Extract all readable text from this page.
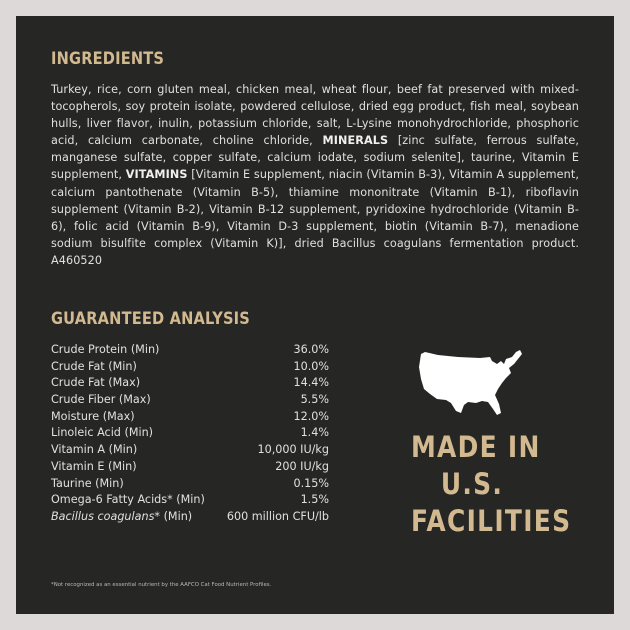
INGREDIENTS
Turkey, rice, corn gluten meal, chicken meal, wheat flour, beef fat preserved with mixed-tocopherols, soy protein isolate, powdered cellulose, dried egg product, fish meal, soybean hulls, liver flavor, inulin, potassium chloride, salt, L-Lysine monohydrochloride, phosphoric acid, calcium carbonate, choline chloride, MINERALS [zinc sulfate, ferrous sulfate, manganese sulfate, copper sulfate, calcium iodate, sodium selenite], taurine, Vitamin E supplement, VITAMINS [Vitamin E supplement, niacin (Vitamin B-3), Vitamin A supplement, calcium pantothenate (Vitamin B-5), thiamine mononitrate (Vitamin B-1), riboflavin supplement (Vitamin B-2), Vitamin B-12 supplement, pyridoxine hydrochloride (Vitamin B-6), folic acid (Vitamin B-9), Vitamin D-3 supplement, biotin (Vitamin B-7), menadione sodium bisulfite complex (Vitamin K)], dried Bacillus coagulans fermentation product. A460520
GUARANTEED ANALYSIS
Crude Protein (Min)	36.0%
Crude Fat (Min)	10.0%
Crude Fat (Max)	14.4%
Crude Fiber (Max)	5.5%
Moisture (Max)	12.0%
Linoleic Acid (Min)	1.4%
Vitamin A (Min)	10,000 IU/kg
Vitamin E (Min)	200 IU/kg
Taurine (Min)	0.15%
Omega-6 Fatty Acids* (Min)	1.5%
Bacillus coagulans* (Min)	600 million CFU/lb
MADE IN
U.S.
FACILITIES
*Not recognized as an essential nutrient by the AAFCO Cat Food Nutrient Profiles.
